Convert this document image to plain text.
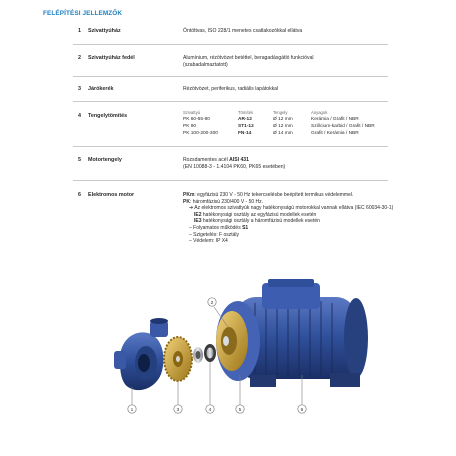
FELÉPÍTÉSI JELLEMZŐK
1 Szivattyúház	Öntöttvas, ISO 228/1 menetes csatlakozókkal ellátva
2 Szivattyúház fedél	Alumínium, rézötvözet betéttel, beragadásgátló funkcióval
(szabadalmaztatott)
3 Járókerék	Rézötvözet, periferikus, radiális lapátokkal
4 Tengelytömítés
Szivattyú	Tömítés	Tengely	Anyagok
PK 60-65-80	AR-12	Ø 12 mm	Kerámia / Grafit / NBR
PK 90	ST1-12	Ø 12 mm	Szilícium-karbid / Grafit / NBR
PK 100-200-300	FN-14	Ø 14 mm	Grafit / Kerámia / NBR
5 Motortengely	Rozsdamentes acél AISI 431
(EN 10088-3 - 1.4104 PK60, PK65 esetében)
6 Elektromos motor	PKm: egyfázisú 230 V - 50 Hz tekercselésbe beépített termikus védelemmel.
PK: háromfázisú 230/400 V - 50 Hz.
➔ Az elektromos szivattyúk nagy hatékonyságú motorokkal vannak ellátva (IEC 60034-30-1)
IE2 hatékonysági osztály az egyfázisú modellek esetén
IE3 hatékonysági osztály a háromfázisú modellek esetén
– Folyamatos működés S1
– Szigetelés: F osztály
– Védelem: IP X4
1
2
3	4	5	6
